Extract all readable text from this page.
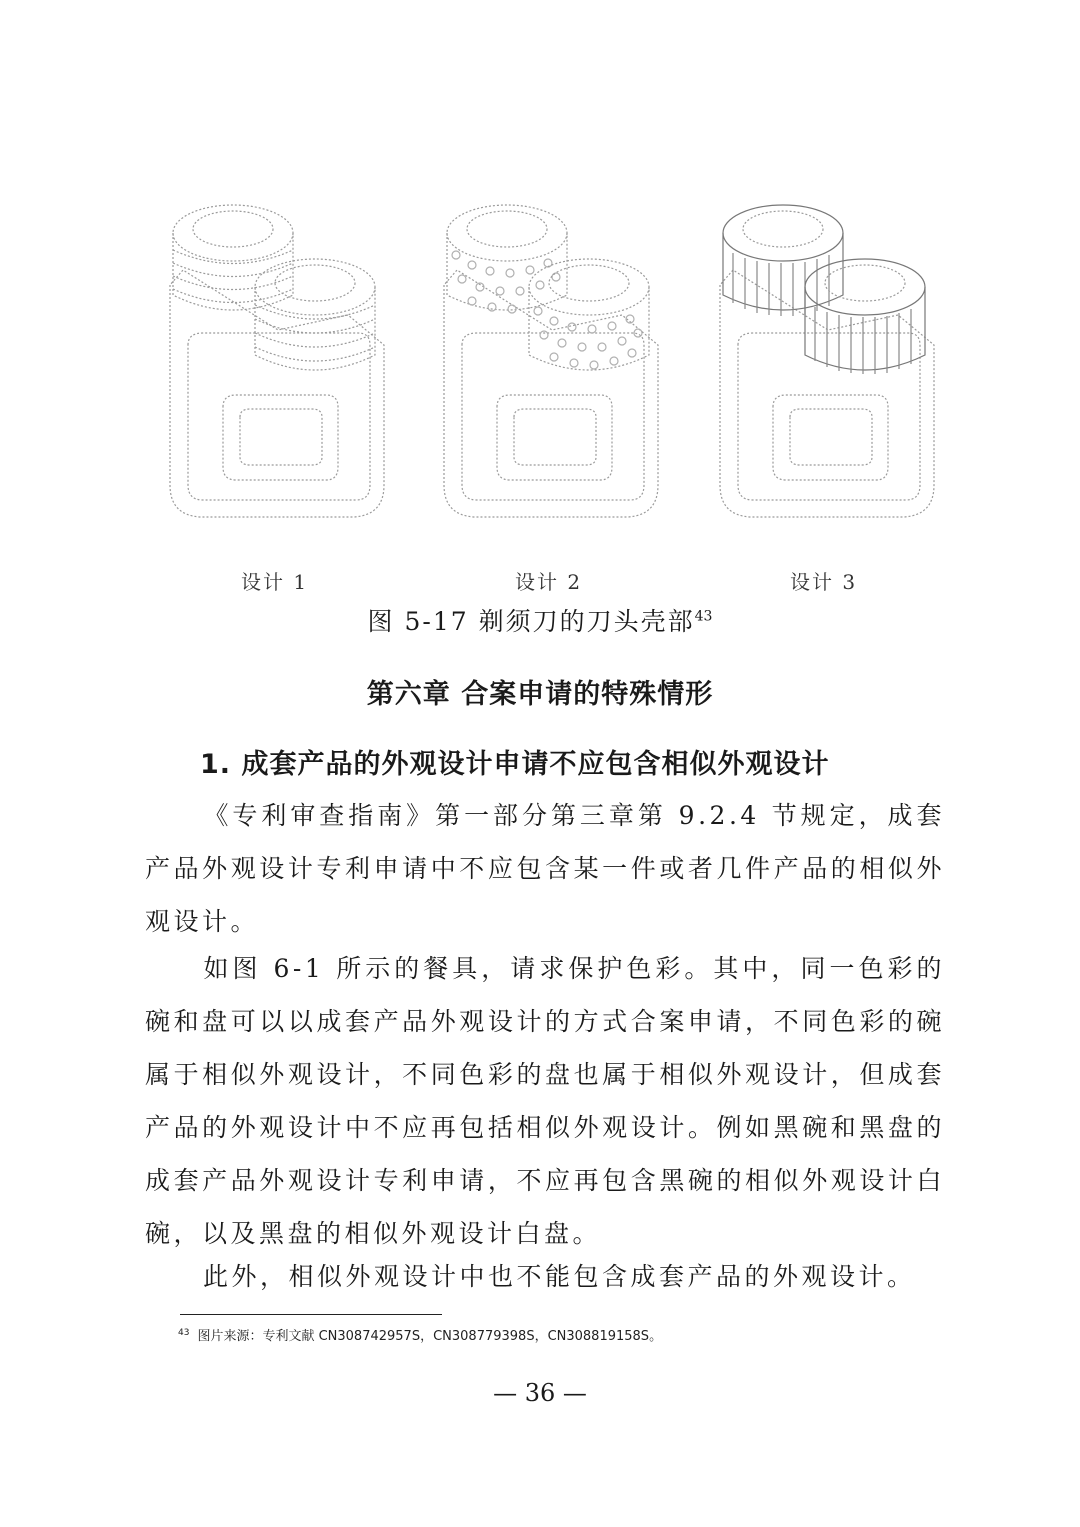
设计 1	设计 2	设计 3
图 5-17 剃须刀的刀头壳部$^{43}$
第六章 合案申请的特殊情形
1. 成套产品的外观设计申请不应包含相似外观设计
《专利审查指南》第一部分第三章第 9.2.4 节规定，成套产品外观设计专利申请中不应包含某一件或者几件产品的相似外观设计。
如图 6-1 所示的餐具，请求保护色彩。其中，同一色彩的碗和盘可以以成套产品外观设计的方式合案申请，不同色彩的碗属于相似外观设计，不同色彩的盘也属于相似外观设计，但成套产品的外观设计中不应再包括相似外观设计。例如黑碗和黑盘的成套产品外观设计专利申请，不应再包含黑碗的相似外观设计白碗，以及黑盘的相似外观设计白盘。
此外，相似外观设计中也不能包含成套产品的外观设计。
$^{43}$ 图片来源：专利文献 CN308742957S，CN308779398S，CN308819158S。
— 36 —
